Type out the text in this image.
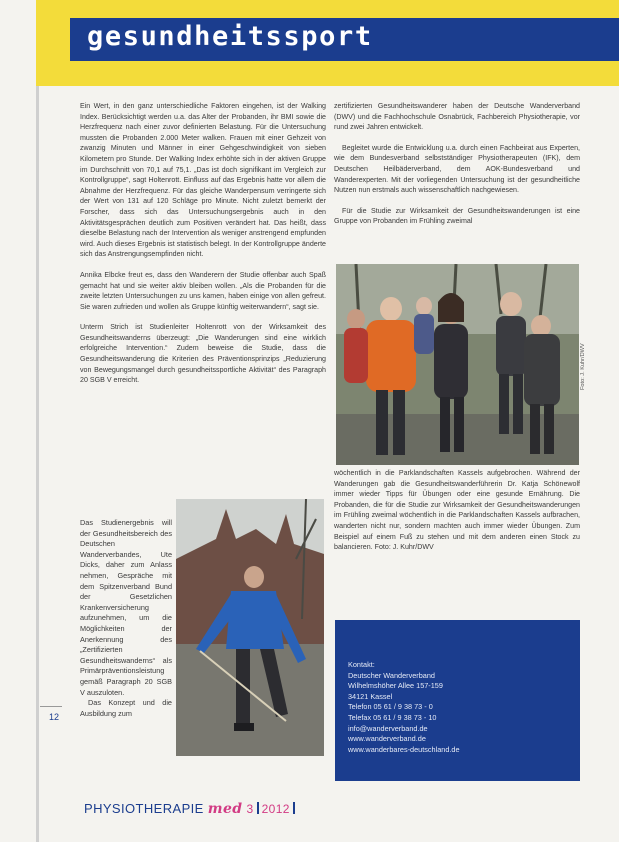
gesundheitssport

Ein Wert, in den ganz unterschiedliche Faktoren eingehen, ist der Walking Index. Berücksichtigt werden u.a. das Alter der Probanden, ihr BMI sowie die Herzfrequenz nach einer zuvor definierten Belastung. Für die Untersuchung mussten die Probanden 2.000 Meter walken. Frauen mit einer Gehzeit von zwanzig Minuten und Männer in einer Gehgeschwindigkeit von sieben Kilometern pro Stunde. Der Walking Index erhöhte sich in der aktiven Gruppe im Durchschnitt von 70,1 auf 75,1. „Das ist doch signifikant im Vergleich zur Kontrollgruppe“, sagt Holtenrott. Einfluss auf das Ergebnis hatte vor allem die Abnahme der Herzfrequenz. Für das gleiche Wanderpensum verringerte sich der Wert von 131 auf 120 Schläge pro Minute. Nicht zuletzt bemerkt der Forscher, dass sich das Untersuchungsergebnis auch in den Aktivitätsgesprächen deutlich zum Positiven verändert hat. Das heißt, dass dieselbe Belastung nach der Intervention als weniger anstrengend empfunden wird. Auch dieses Ergebnis ist statistisch belegt. In der Kontrollgruppe änderte sich das Anstrengungsempfinden nicht.

Annika Elbcke freut es, dass den Wanderern der Studie offenbar auch Spaß gemacht hat und sie weiter aktiv bleiben wollen. „Als die Probanden für die zweite letzten Untersuchungen zu uns kamen, haben einige von allen gefreut. Sie waren zufrieden und wollen als Gruppe künftig weiterwandern“, sagt sie.

Unterm Strich ist Studienleiter Holtenrott von der Wirksamkeit des Gesundheitswanderns überzeugt: „Die Wanderungen sind eine wirklich erfolgreiche Intervention.“ Zudem beweise die Studie, dass die Gesundheitswanderung die Kriterien des Präventionsprinzips „Reduzierung von Bewegungsmangel durch gesundheitssportliche Aktivität“ des Paragraph 20 SGB V erreicht.

Das Studienergebnis will der Gesundheitsbereich des Deutschen Wanderverbandes, Ute Dicks, daher zum Anlass nehmen, Gespräche mit dem Spitzenverband Bund der Gesetzlichen Krankenversicherung aufzunehmen, um die Möglichkeiten der Anerkennung des „Zertifizierten Gesundheitswanderns“ als Primärpräventionsleistung gemäß Paragraph 20 SGB V auszuloten.

Das Konzept und die Ausbildung zum

zertifizierten Gesundheitswanderer haben der Deutsche Wanderverband (DWV) und die Fachhochschule Osnabrück, Fachbereich Physiotherapie, vor rund zwei Jahren entwickelt.

Begleitet wurde die Entwicklung u.a. durch einen Fachbeirat aus Experten, wie dem Bundesverband selbstständiger Physiotherapeuten (IFK), dem Deutschen Heilbäderverband, dem AOK-Bundesverband und Wanderexperten. Mit der vorliegenden Untersuchung ist der gesundheitliche Nutzen nun erstmals auch wissenschaftlich nachgewiesen.

Für die Studie zur Wirksamkeit der Gesundheitswanderungen ist eine Gruppe von Probanden im Frühling zweimal

Foto: J. Kuhr/DWV
wöchentlich in die Parklandschaften Kassels aufgebrochen. Während der Wanderungen gab die Gesundheitswanderführerin Dr. Katja Schönewolf immer wieder Tipps für Übungen oder eine gesunde Ernährung. Die Probanden, die für die Studie zur Wirksamkeit der Gesundheitswanderungen im Frühling zweimal wöchentlich in die Parklandschaften Kassels aufbrachen, wanderten nicht nur, sondern machten auch immer wieder Übungen. Zum Beispiel auf einem Fuß zu stehen und mit dem anderen einen Stock zu balancieren. Foto: J. Kuhr/DWV
Kontakt:
Deutscher Wanderverband
Wilhelmshöher Allee 157-159
34121 Kassel
Telefon 05 61 / 9 38 73 - 0
Telefax 05 61 / 9 38 73 - 10
info@wanderverband.de
www.wanderverband.de
www.wanderbares-deutschland.de
12
PHYSIOTHERAPIE med 3 2012
